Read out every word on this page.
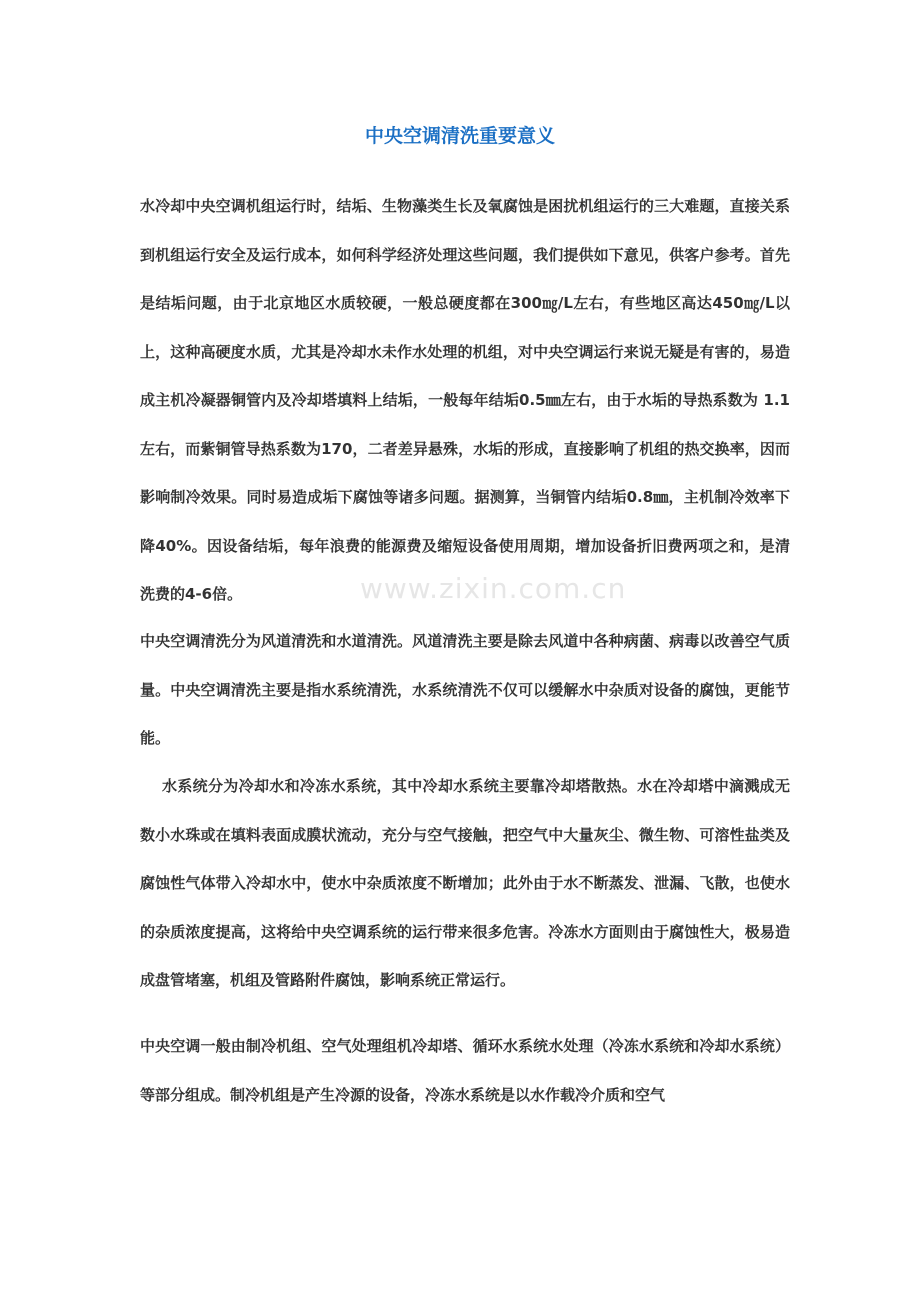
www.zixin.com.cn
中央空调清洗重要意义

水冷却中央空调机组运行时，结垢、生物藻类生长及氧腐蚀是困扰机组运行的三大难题，直接关系到机组运行安全及运行成本，如何科学经济处理这些问题，我们提供如下意见，供客户参考。首先是结垢问题，由于北京地区水质较硬，一般总硬度都在300㎎/L左右，有些地区高达450㎎/L以上，这种高硬度水质，尤其是冷却水未作水处理的机组，对中央空调运行来说无疑是有害的，易造成主机冷凝器铜管内及冷却塔填料上结垢，一般每年结垢0.5㎜左右，由于水垢的导热系数为 1.1左右，而紫铜管导热系数为170，二者差异悬殊，水垢的形成，直接影响了机组的热交换率，因而影响制冷效果。同时易造成垢下腐蚀等诸多问题。据测算，当铜管内结垢0.8㎜，主机制冷效率下降40%。因设备结垢，每年浪费的能源费及缩短设备使用周期，增加设备折旧费两项之和，是清洗费的4-6倍。

中央空调清洗分为风道清洗和水道清洗。风道清洗主要是除去风道中各种病菌、病毒以改善空气质量。中央空调清洗主要是指水系统清洗，水系统清洗不仅可以缓解水中杂质对设备的腐蚀，更能节能。

水系统分为冷却水和冷冻水系统，其中冷却水系统主要靠冷却塔散热。水在冷却塔中滴溅成无数小水珠或在填料表面成膜状流动，充分与空气接触，把空气中大量灰尘、微生物、可溶性盐类及腐蚀性气体带入冷却水中，使水中杂质浓度不断增加；此外由于水不断蒸发、泄漏、飞散，也使水的杂质浓度提高，这将给中央空调系统的运行带来很多危害。冷冻水方面则由于腐蚀性大，极易造成盘管堵塞，机组及管路附件腐蚀，影响系统正常运行。

中央空调一般由制冷机组、空气处理组机冷却塔、循环水系统水处理（冷冻水系统和冷却水系统）等部分组成。制冷机组是产生冷源的设备，冷冻水系统是以水作载冷介质和空气
